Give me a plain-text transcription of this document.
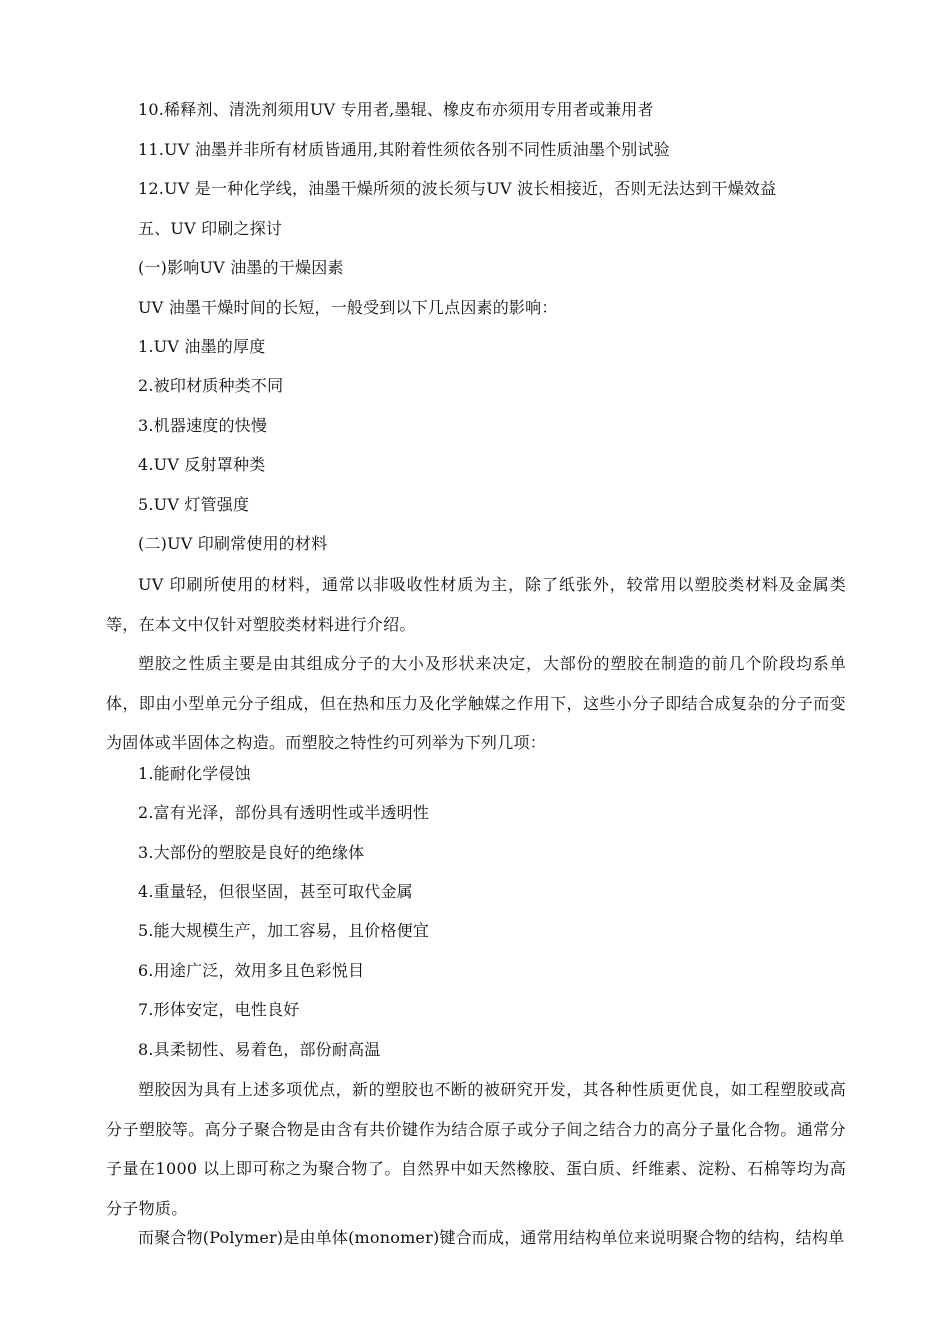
10.稀释剂、清洗剂须用UV 专用者,墨辊、橡皮布亦须用专用者或兼用者
11.UV 油墨并非所有材质皆通用,其附着性须依各别不同性质油墨个别试验
12.UV 是一种化学线，油墨干燥所须的波长须与UV 波长相接近，否则无法达到干燥效益
五、UV 印刷之探讨
(一)影响UV 油墨的干燥因素
UV 油墨干燥时间的长短，一般受到以下几点因素的影响：
1.UV 油墨的厚度
2.被印材质种类不同
3.机器速度的快慢
4.UV 反射罩种类
5.UV 灯管强度
(二)UV 印刷常使用的材料
UV 印刷所使用的材料，通常以非吸收性材质为主，除了纸张外，较常用以塑胶类材料及金属类等，在本文中仅针对塑胶类材料进行介绍。
塑胶之性质主要是由其组成分子的大小及形状来决定，大部份的塑胶在制造的前几个阶段均系单体，即由小型单元分子组成，但在热和压力及化学触媒之作用下，这些小分子即结合成复杂的分子而变为固体或半固体之构造。而塑胶之特性约可列举为下列几项：
1.能耐化学侵蚀
2.富有光泽，部份具有透明性或半透明性
3.大部份的塑胶是良好的绝缘体
4.重量轻，但很坚固，甚至可取代金属
5.能大规模生产，加工容易，且价格便宜
6.用途广泛，效用多且色彩悦目
7.形体安定，电性良好
8.具柔韧性、易着色，部份耐高温
塑胶因为具有上述多项优点，新的塑胶也不断的被研究开发，其各种性质更优良，如工程塑胶或高分子塑胶等。高分子聚合物是由含有共价键作为结合原子或分子间之结合力的高分子量化合物。通常分子量在1000 以上即可称之为聚合物了。自然界中如天然橡胶、蛋白质、纤维素、淀粉、石棉等均为高分子物质。
而聚合物(Polymer)是由单体(monomer)键合而成，通常用结构单位来说明聚合物的结构，结构单
